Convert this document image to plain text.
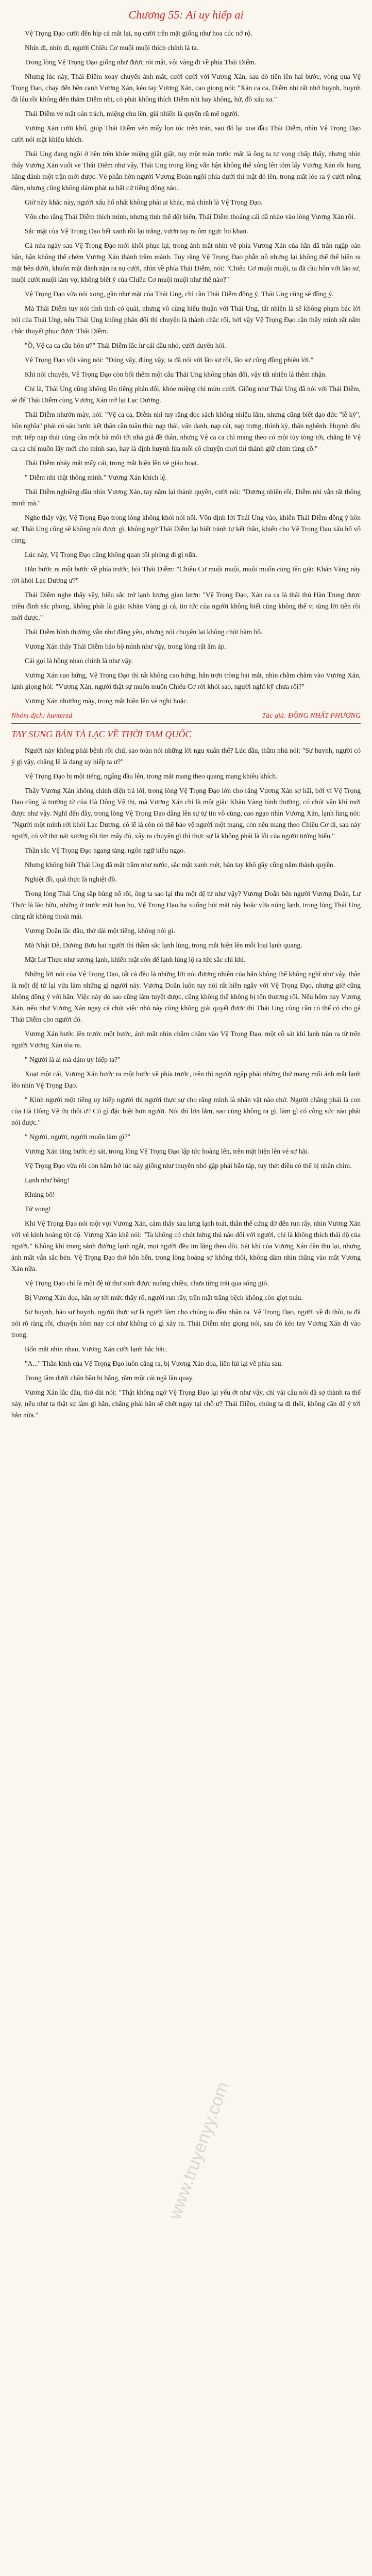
Chương 55: Ai uy hiếp ai

Vệ Trọng Đạo cười đến híp cả mắt lại, nụ cười trên mặt giống như hoa cúc nở rộ.

Nhìn đi, nhìn đi, người Chiêu Cơ muội muội thích chính là ta.

Trong lòng Vệ Trọng Đạo giống như được rót mật, vội vàng đi về phía Thái Điểm.

Nhưng lúc này, Thái Điểm xoay chuyển ánh mắt, cười cười với Vương Xán, sau đó tiến lên hai bước, vòng qua Vệ Trọng Đạo, chạy đến bên cạnh Vương Xán, kéo tay Vương Xán, cao giọng nói: "Xán ca ca, Diễm nhi rất nhớ huynh, huynh đã lâu rồi không đến thăm Diễm nhi, có phải không thích Diễm nhi hay không, hử, đồ xấu xa."

Thái Diễm vẻ mặt oán trách, miệng chu lên, giả nhiên là quyến rũ mê người.

Vương Xán cười khổ, giúp Thái Diễm vén mấy lọn tóc trên trán, sau đó lại xoa đầu Thái Diễm, nhìn Vệ Trọng Đạo cười nói mặt khiêu khích.

Thái Ung đang ngồi ở bên trên khóe miệng giật giật, tuy một màn trước mắt là ông ta tự vọng chấp thấy, nhưng nhìn thấy Vương Xán vuốt ve Thái Điểm như vậy, Thái Ung trong lòng vẫn hận không thể xông lên tóm lấy Vương Xán rồi hung hăng đánh một trận mới được. Vẻ phẫn hờn người Vương Đoàn ngồi phía dưới thì mặt đỏ lên, trong mắt lóe ra ý cười nồng đậm, nhưng cũng không dám phát ra bất cứ tiếng động nào.

Giờ này khắc này, người xấu hổ nhất không phải ai khác, mà chính là Vệ Trọng Đạo.

Vốn cho rằng Thái Diễm thích mình, nhưng tình thế đột biến, Thái Diễm thoáng cái đã nhào vào lòng Vương Xán rồi.

Sắc mặt của Vệ Trọng Đạo hết xanh rồi lại trắng, vươn tay ra ôm ngực ho khan.

Cả nửa ngày sau Vệ Trọng Đạo mới khôi phục lại, trong ánh mắt nhìn về phía Vương Xán của hắn đã tràn ngập oán hận, hận không thể chém Vương Xán thành trăm mảnh. Tuy rằng Vệ Trọng Đạo phẫn nộ nhưng lại không thể thể hiện ra mặt bên dưới, khuôn mặt đành nặn ra nụ cười, nhìn về phía Thái Diễm, nói: "Chiêu Cơ muội muội, ta đã cầu hôn với lão sư, muội cưới muội làm vợ, không biết ý của Chiêu Cơ muội muội như thế nào?"

Vệ Trọng Đạo vừa nói xong, gần như mặt của Thái Ung, chỉ cần Thái Diễm đồng ý, Thái Ung cũng sẽ đồng ý.

Mà Thái Diễm tuy nói tính tình có quái, nhưng vô cùng hiểu thuận với Thái Ung, tất nhiên là sẽ không phạm bác lời nói của Thái Ung, nếu Thái Ung không phản đối thì chuyện là thành chắc rồi, bởi vậy Vệ Trọng Đạo căn thấy mình rất nắm chắc thuyết phục được Thái Diễm.

"Ồ, Vệ ca ca cầu hôn ư?" Thái Diễm lắc lư cái đầu nhỏ, cười duyên hỏi.

Vệ Trọng Đạo vội vàng nói: "Đúng vậy, đúng vậy, ta đã nói với lão sư rồi, lão sư cũng đồng phiêu lời."

Khi nói chuyện, Vệ Trọng Đạo còn bối thêm một câu Thái Ung không phản đối, vậy tất nhiên là thêm nhận.

Chỉ là, Thái Ung cũng không lên tiếng phản đối, khóe miệng chỉ mím cười. Giống như Thái Ung đã nói với Thái Diễm, sẽ để Thái Diễm cùng Vương Xán trở lại Lạc Dương.

Thái Diễm nhướn mày, hỏi: "Vệ ca ca, Diễm nhi tuy rằng đọc sách không nhiều lắm, nhưng cũng biết đạo đức "lễ ký", hôn nghĩa" phải có sáu bước kết thân cần tuân thủ: nạp thái, vấn danh, nạp cát, nạp trưng, thỉnh kỳ, thân nghênh. Huynh đều trực tiếp nạp thái cũng cần một bà mối tới nhà giả đề thân, nhưng Vệ ca ca chỉ mang theo có một tùy tòng tới, chẳng lẽ Vệ ca ca chỉ muốn lấy mới cho mình sao, hay là định huynh lừa mỗi cô chuyện chơi thì thành giữ chim tùng cõ."

Thái Diễm nháy mắt mấy cái, trong mắt hiện lên vẻ giảo hoạt.

" Diễm nhi thật thông minh." Vương Xán khích lệ.

Thái Diễm nghiêng đầu nhìn Vương Xán, tay nắm lại thành quyền, cười nói: "Dương nhiên rồi, Diễm nhi vẫn rất thông minh mà."

Nghe thấy vậy, Vệ Trọng Đạo trong lòng không khỏi nói nổi. Vốn định lời Thái Ung vào, khiến Thái Diễm đồng ý hôn sự, Thái Ung cũng sẽ không nói được gì, không ngờ Thái Diễm lại biết tránh tự kết thân, khiến cho Vệ Trọng Đạo xấu hổ vô cùng.

Lúc này, Vệ Trọng Đạo cũng không quan tối phòng đi gì nữa.

Hắn bước ra một bước về phía trước, hỏi Thái Diễm: "Chiêu Cơ muội muội, muội muốn cùng tên giặc Khăn Vàng này rời khỏi Lạc Dương ư?"

Thái Diễm nghe thấy vậy, biểu sắc trở lạnh lượng gian lươn: "Vệ Trọng Đạo, Xán ca ca là thái thú Hàn Trung được triều đình sắc phong, không phải là giặc Khăn Vàng gì cả, tin tức của người không biết cũng không thể vị tùng lời tiên rồi mới được."

Thái Diễm bình thường vẫn như đằng yêu, nhưng nói chuyện lại không chút hàm hồ.

Vương Xán thấy Thái Diễm bảo hộ mình như vậy, trong lòng rất ấm áp.

Cái gọi là hồng nhan chính là như vậy.

Vương Xán cao hứng, Vệ Trọng Đạo thì rất không cao hứng, hắn trợn tròng hai mắt, nhìn chằm chằm vào Vương Xán, lạnh giọng hỏi: "Vương Xán, người thật sự muốn muốn Chiêu Cơ rời khỏi sao, người nghĩ kỹ chưa rồi?"

Vương Xán nhướng mày, trong mắt hiện lên vẻ nghi hoặc.

Nhóm dịch: hunterzd	Tác giả: ĐỒNG NHẤT PHƯƠNG
TAY SUNG BẢN TÀ LẠC VỀ THỜI TAM QUỐC

Người này không phải bệnh rồi chứ, sao toàn nói những lời ngu xuẩn thế? Lúc đầu, thầm nhủ nói: "Sư huynh, người có ý gì vậy, chẳng lẽ là đang uy hiếp ta ư?"

Vệ Trọng Đạo bị một tiếng, ngẩng đầu lên, trong mắt mang theo quang mang khiêu khích.

Thấy Vương Xán không chính diện trả lời, trong lòng Vệ Trọng Đạo lớn cho rằng Vương Xán sợ hãi, bởi vì Vệ Trọng Đạo cũng là trưởng tử của Hà Đông Vệ thị, mà Vương Xán chỉ là một giặc Khăn Vàng bình thường, có chút vận khí mới được như vậy. Nghĩ đến đây, trong lòng Vệ Trọng Đạo dâng lên sự tự tin vô cùng, cao ngạo nhìn Vương Xán, lạnh lùng nói: "Người một mình rời khỏi Lạc Dương, có lẽ là còn có thể bảo vệ người một mạng, còn nếu mang theo Chiêu Cơ đi, sau này người, có vỡ thịt nát xương rồi tìm mấy đó, xây ra chuyện gì thì thực sự là không phải là lỗi của người tưởng hiểu."

Thần sắc Vệ Trọng Đạo ngang tàng, ngôn ngữ kiêu ngạo.

Nhưng không biết Thái Ung đã mặt trầm như nước, sắc mặt xanh mét, bàn tay khô gầy cũng nắm thành quyền.

Nghiệt đồ, quả thực là nghiệt đồ.

Trong lòng Thái Ung sắp bùng nổ rồi, ông ta sao lại thu một đệ tử như vậy? Vương Doãn bên người Vương Doãn, Lư Thực là lão hữu, những ở trước mặt bọn họ, Vệ Trọng Đạo hạ xuống bút mặt này hoặc vừa nóng lạnh, trong lòng Thái Ung cũng rất không thoải mái.

Vương Doãn lắc đầu, thở dài một tiếng, không nói gì.

Mã Nhật Đê, Dương Bưu hai người thì thầm sắc lạnh lùng, trong mắt hiện lên mỗi loại lạnh quang.

Mặt Lư Thực như sương lạnh, khiến mặt còn để lạnh lùng lộ ra tức sắc chi khí.

Những lời nói của Vệ Trọng Đạo, tất cả đều là những lời nói đương nhiên của hắn không thể không nghĩ như vậy, thân là một đệ tử lại vừa làm những gì người này. Vương Doãn luôn tuy nói rất hiền ngây với Vệ Trọng Đạo, nhưng giờ cũng không đồng ý với hắn. Việc này do sao cũng làm tuyệt được, cũng không thể không bị tổn thương rồi. Nếu hôm nay Vương Xán, nếu như Vương Xán ngay cả chút việc nhỏ này cũng không giải quyết được thì Thái Ung cũng cần có thể có cho gả Thái Diễm cho người đó.

Vương Xán bước lên trước một bước, ánh mắt nhìn chằm chằm vào Vệ Trọng Đạo, một cỗ sát khí lạnh tràn ra từ trên người Vương Xán tỏa ra.

" Người là ai mà dám uy hiếp ta?"

Xoạt một cái, Vương Xán bước ra một bước về phía trước, trên thì người ngập phải những thứ mang mối ánh mắt lạnh lẽo nhìn Vệ Trọng Đạo.

" Kinh người một tiếng uy hiếp người thì người thực sự cho rằng mình là nhân vật nào chứ. Người chẳng phải là con của Hà Đông Vệ thị thôi ư? Có gì đặc biệt hơn người. Nói thì lớn lắm, sao cũng không ra gì, làm gì có công sức nào phải nói được."

" Người, người, người muốn làm gì?"

Vương Xán tăng bước ép sát, trong lòng Vệ Trọng Đạo lập tức hoảng lên, trên mặt hiện lên vẻ sợ hãi.

Vệ Trọng Đạo vừa rồi còn hăm hở lúc này giống như thuyền nhỏ gặp phải bão táp, tuy thét điều có thể bị nhấn chìm.

Lạnh như băng!

Khủng bố!

Tử vong!

Khi Vệ Trọng Đạo nói một vợi Vương Xán, cảm thấy sau lưng lạnh toát, thân thể cứng đờ đến run rẩy, nhìn Vương Xán với vẻ kinh hoàng tột độ. Vương Xán khẽ nói: "Ta không có chút hứng thú nào đối với người, chỉ là không thích thái độ của người." Không khí trong sảnh đường lạnh ngắt, mọi người đều im lặng theo dõi. Sát khí của Vương Xán dần thu lại, nhưng ánh mắt vẫn sắc bén. Vệ Trọng Đạo thở hổn hển, trong lòng hoảng sợ không thôi, không dám nhìn thẳng vào mắt Vương Xán nữa.

Vệ Trọng Đạo chỉ là một đệ tử thư sinh được nuông chiều, chưa từng trải qua sóng gió.

Bị Vương Xán dọa, hắn sợ tới mức thấy rõ, người run rẩy, trên mặt trắng bệch không còn giọt máu.

Sư huynh, hảo sư huynh, người thực sự là người làm cho chúng ta đều nhận ra. Vệ Trọng Đạo, người về đi thôi, ta đã nói rõ ràng rồi, chuyện hôm nay coi như không có gì xảy ra. Thái Diễm nhẹ giọng nói, sau đó kéo tay Vương Xán đi vào trong.

Bốn mắt nhìn nhau, Vương Xán cười lạnh hắc hắc.

"A..." Thân kinh của Vệ Trọng Đạo luôn căng ra, bị Vương Xán dọa, liền lùi lại về phía sau.

Trong tâm dưới chân bần bị bắng, rằm một cái ngã lăn quay.

Vương Xán lắc đầu, thở dài nói: "Thật không ngờ Vệ Trọng Đạo lại yếu ớt như vậy, chỉ vài câu nói đã sợ thành ra thế này, nếu như ta thật sự làm gì hắn, chẳng phải hắn sẽ chết ngay tại chỗ ư? Thái Diễm, chúng ta đi thôi, không cần để ý tới hắn nữa."

www.truyenyy.com
